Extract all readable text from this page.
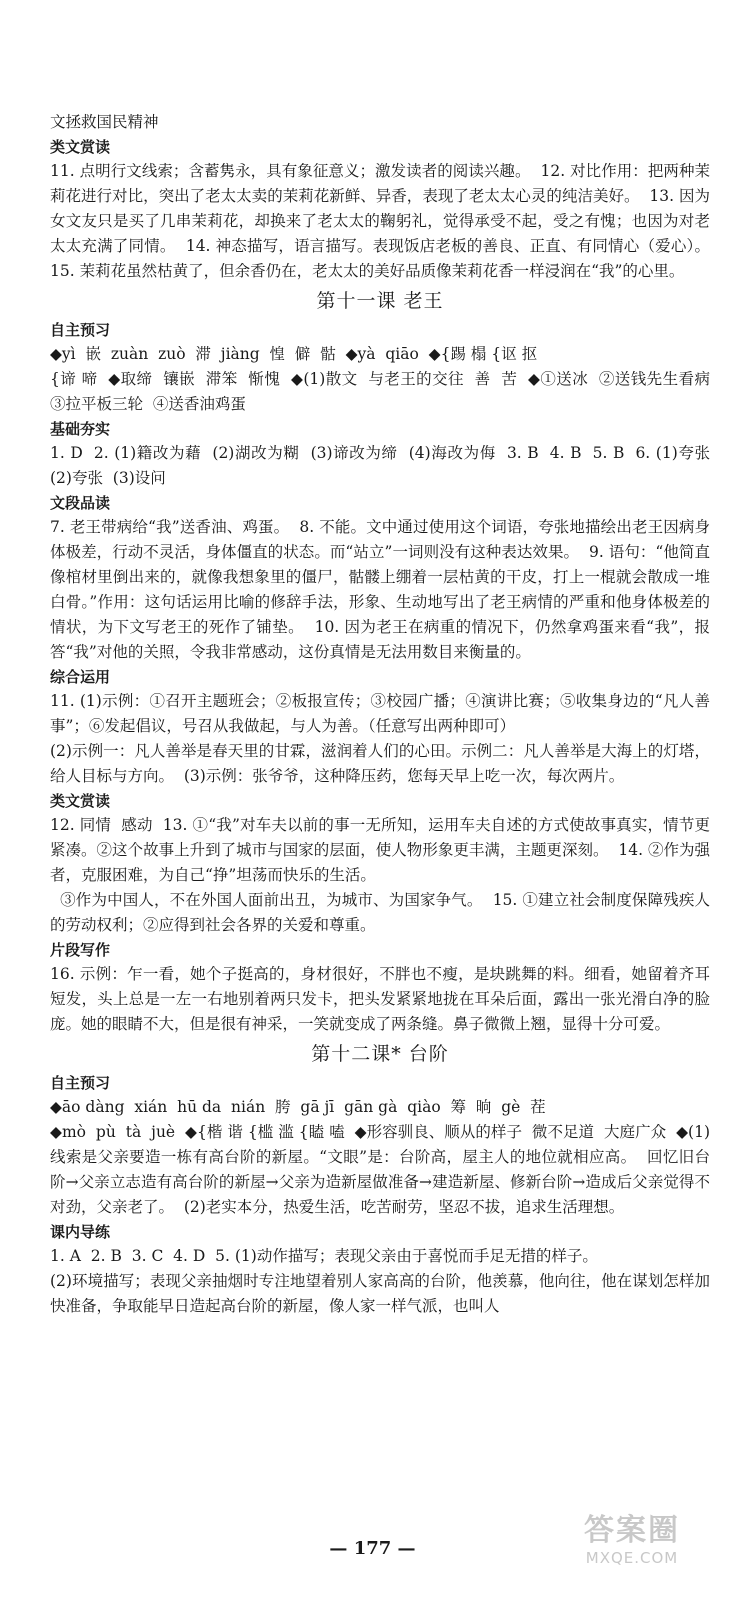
文拯救国民精神

类文赏读

11. 点明行文线索；含蓄隽永，具有象征意义；激发读者的阅读兴趣。  12. 对比作用：把两种茉莉花进行对比，突出了老太太卖的茉莉花新鲜、异香，表现了老太太心灵的纯洁美好。  13. 因为女文友只是买了几串茉莉花，却换来了老太太的鞠躬礼，觉得承受不起，受之有愧；也因为对老太太充满了同情。  14. 神态描写，语言描写。表现饭店老板的善良、正直、有同情心（爱心）。  15. 茉莉花虽然枯黄了，但余香仍在，老太太的美好品质像茉莉花香一样浸润在“我”的心里。

第十一课 老王

自主预习

◆yì  嵌  zuàn  zuò  滞  jiàng  惶  僻  骷  ◆yà  qiāo  ◆{踢 榻 {讴 抠

{谛 啼  ◆取缔  镶嵌  滞笨  惭愧  ◆(1)散文  与老王的交往  善  苦  ◆①送冰  ②送钱先生看病  ③拉平板三轮  ④送香油鸡蛋

基础夯实

1. D  2. (1)籍改为藉  (2)湖改为糊  (3)谛改为缔  (4)海改为侮  3. B  4. B  5. B  6. (1)夸张  (2)夸张  (3)设问

文段品读

7. 老王带病给“我”送香油、鸡蛋。  8. 不能。文中通过使用这个词语，夸张地描绘出老王因病身体极差，行动不灵活，身体僵直的状态。而“站立”一词则没有这种表达效果。  9. 语句：“他简直像棺材里倒出来的，就像我想象里的僵尸，骷髅上绷着一层枯黄的干皮，打上一棍就会散成一堆白骨。”作用：这句话运用比喻的修辞手法，形象、生动地写出了老王病情的严重和他身体极差的情状，为下文写老王的死作了铺垫。  10. 因为老王在病重的情况下，仍然拿鸡蛋来看“我”，报答“我”对他的关照，令我非常感动，这份真情是无法用数目来衡量的。

综合运用

11. (1)示例：①召开主题班会；②板报宣传；③校园广播；④演讲比赛；⑤收集身边的“凡人善事”；⑥发起倡议，号召从我做起，与人为善。（任意写出两种即可）
(2)示例一：凡人善举是春天里的甘霖，滋润着人们的心田。示例二：凡人善举是大海上的灯塔，给人目标与方向。  (3)示例：张爷爷，这种降压药，您每天早上吃一次，每次两片。

类文赏读

12. 同情  感动  13. ①“我”对车夫以前的事一无所知，运用车夫自述的方式使故事真实，情节更紧凑。②这个故事上升到了城市与国家的层面，使人物形象更丰满，主题更深刻。  14. ②作为强者，克服困难，为自己“挣”坦荡而快乐的生活。
③作为中国人，不在外国人面前出丑，为城市、为国家争气。  15. ①建立社会制度保障残疾人的劳动权利；②应得到社会各界的关爱和尊重。

片段写作

16. 示例：乍一看，她个子挺高的，身材很好，不胖也不瘦，是块跳舞的料。细看，她留着齐耳短发，头上总是一左一右地别着两只发卡，把头发紧紧地拢在耳朵后面，露出一张光滑白净的脸庞。她的眼睛不大，但是很有神采，一笑就变成了两条缝。鼻子微微上翘，显得十分可爱。

第十二课* 台阶

自主预习

◆āo dàng  xián  hū da  nián  胯  gā jī  gān gà  qiào  筹  晌  gè  茬

◆mò  pù  tà  juè  ◆{楷 谐 {槛 滥 {瞌 嗑  ◆形容驯良、顺从的样子  微不足道  大庭广众  ◆(1)线索是父亲要造一栋有高台阶的新屋。“文眼”是：台阶高，屋主人的地位就相应高。  回忆旧台阶→父亲立志造有高台阶的新屋→父亲为造新屋做准备→建造新屋、修新台阶→造成后父亲觉得不对劲，父亲老了。  (2)老实本分，热爱生活，吃苦耐劳，坚忍不拔，追求生活理想。

课内导练

1. A  2. B  3. C  4. D  5. (1)动作描写；表现父亲由于喜悦而手足无措的样子。
(2)环境描写；表现父亲抽烟时专注地望着别人家高高的台阶，他羡慕，他向往，他在谋划怎样加快准备，争取能早日造起高台阶的新屋，像人家一样气派，也叫人

— 177 —
答案圈
MXQE.COM
